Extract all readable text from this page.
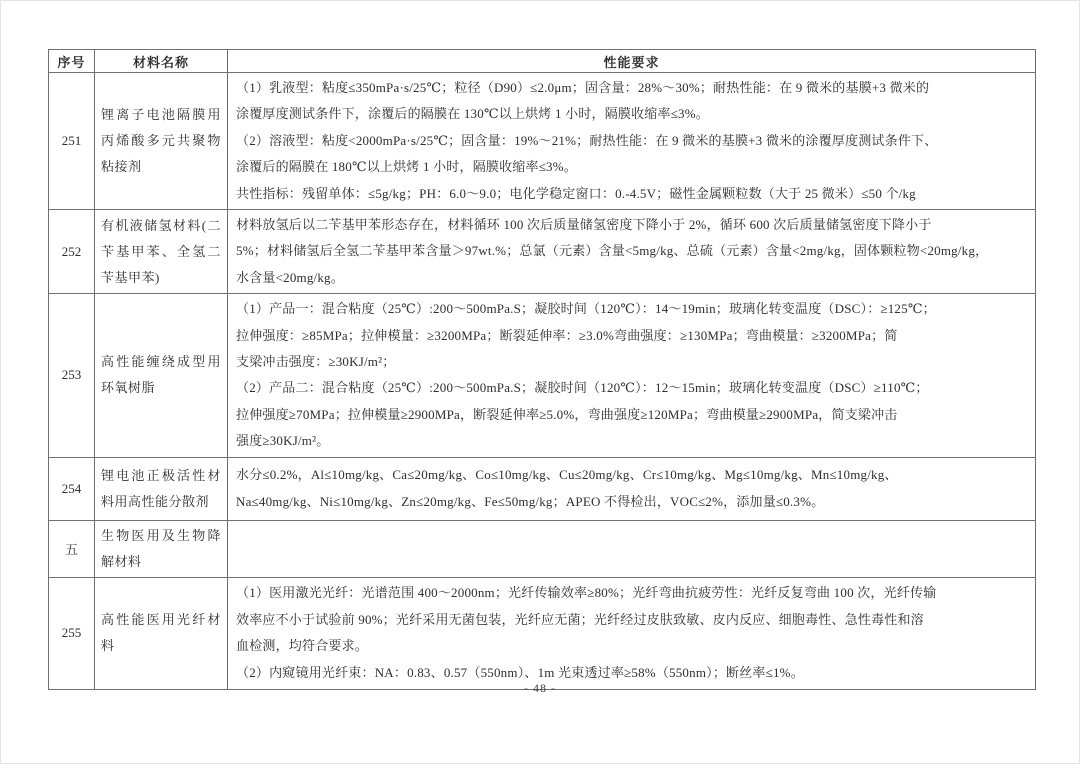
序号	材料名称	性能要求
251	锂离子电池隔膜用丙烯酸多元共聚物粘接剂	（1）乳液型：粘度≤350mPa·s/25℃；粒径（D90）≤2.0μm；固含量：28%～30%；耐热性能：在 9 微米的基膜+3 微米的
涂覆厚度测试条件下，涂覆后的隔膜在 130℃以上烘烤 1 小时，隔膜收缩率≤3%。
（2）溶液型：粘度<2000mPa·s/25℃；固含量：19%～21%；耐热性能：在 9 微米的基膜+3 微米的涂覆厚度测试条件下、
涂覆后的隔膜在 180℃以上烘烤 1 小时，隔膜收缩率≤3%。
共性指标：残留单体：≤5g/kg；PH：6.0～9.0；电化学稳定窗口：0.-4.5V；磁性金属颗粒数（大于 25 微米）≤50 个/kg

252	有机液储氢材料(二苄基甲苯、全氢二苄基甲苯)	材料放氢后以二苄基甲苯形态存在，材料循环 100 次后质量储氢密度下降小于 2%，循环 600 次后质量储氢密度下降小于
5%；材料储氢后全氢二苄基甲苯含量＞97wt.%；总氯（元素）含量<5mg/kg、总硫（元素）含量<2mg/kg，固体颗粒物<20mg/kg，
水含量<20mg/kg。

253	高性能缠绕成型用环氧树脂	
（1）产品一：混合粘度（25℃）:200～500mPa.S；凝胶时间（120℃）：14～19min；玻璃化转变温度（DSC）：≥125℃；
拉伸强度：≥85MPa；拉伸模量：≥3200MPa；断裂延伸率：≥3.0%弯曲强度：≥130MPa；弯曲模量：≥3200MPa；简
支梁冲击强度：≥30KJ/m²；
（2）产品二：混合粘度（25℃）:200～500mPa.S；凝胶时间（120℃）：12～15min；玻璃化转变温度（DSC）≥110℃；
拉伸强度≥70MPa；拉伸模量≥2900MPa，断裂延伸率≥5.0%，弯曲强度≥120MPa；弯曲模量≥2900MPa，简支梁冲击
强度≥30KJ/m²。

254	锂电池正极活性材料用高性能分散剂	水分≤0.2%，Al≤10mg/kg、Ca≤20mg/kg、Co≤10mg/kg、Cu≤20mg/kg、Cr≤10mg/kg、Mg≤10mg/kg、Mn≤10mg/kg、
Na≤40mg/kg、Ni≤10mg/kg、Zn≤20mg/kg、Fe≤50mg/kg；APEO 不得检出，VOC≤2%，添加量≤0.3%。

五	生物医用及生物降解材料	
255	高性能医用光纤材料	（1）医用激光光纤：光谱范围 400～2000nm；光纤传输效率≥80%；光纤弯曲抗疲劳性：光纤反复弯曲 100 次，光纤传输
效率应不小于试验前 90%；光纤采用无菌包装，光纤应无菌；光纤经过皮肤致敏、皮内反应、细胞毒性、急性毒性和溶
血检测，均符合要求。
（2）内窥镜用光纤束：NA：0.83、0.57（550nm）、1m 光束透过率≥58%（550nm）；断丝率≤1%。
- 48 -
